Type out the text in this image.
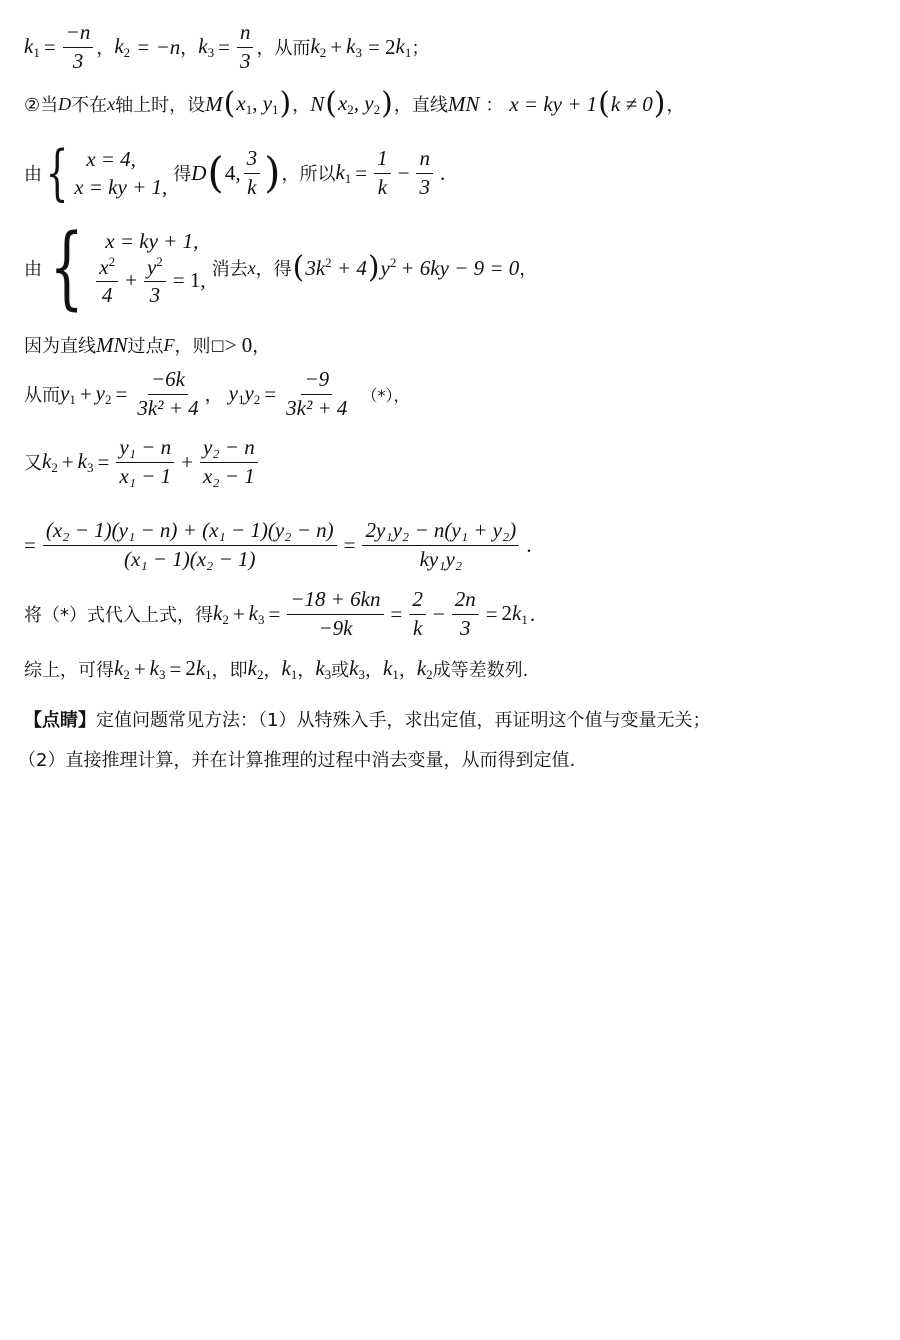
$k_1 = \frac{-n}{3}$ ， $k_2 = -n$ ， $k_3 = \frac{n}{3}$ ，从而 $k_2 + k_3 = 2$ $k_1$ ；
②当 D 不在 x 轴上时，设 M ( $x_1$, $y_1$ ) ， N ( $x_2$, $y_2$ ) ，直线 MN ： x = ky + 1 ( k ≠ 0 ) ，
由 { x = 4,
x = ky + 1,
得 D ( 4, $\frac{3}{k}$ ) ，所以 $k_1 = \frac{1}{k} - \frac{n}{3}$ .
由 {	x = ky + 1,
$\frac{x^2}{4} + \frac{y^2}{3} = 1$, 消去 x ，得 ( $3k^2 + 4$ ) $y^2 + 6ky - 9 = 0$ ，
因为直线 MN 过点 F ，则 □ > 0 ，
从而 $y_1 + y_2 = \frac{-6k}{\text{3k² + 4}}$ ， $y_1y_2 = \frac{-9}{\text{3k² + 4}}$ （*），
又 $k_2 + k_3 = \frac{\text{y₁ − n}}{\text{x₁ − 1}} + \frac{\text{y₂ − n}}{\text{x₂ − 1}}$
= $\frac{\text{(x₂ − 1)(y₁ − n) + (x₁ − 1)(y₂ − n)}}{\text{(x₁ − 1)(x₂ − 1)}} = \frac{\text{2y₁y₂ − n(y₁ + y₂)}}{\text{ky₁y₂}}$ .
将（*）式代入上式，得 $k_2 + k_3 = \frac{-18 + 6kn}{-9k} = \frac{2}{k} - \frac{2n}{3} = 2k_1$ .
综上，可得 $k_2 + k_3 = 2k_1$ ，即 $k_2$ ， $k_1$ ， $k_3$ 或 $k_3$ ， $k_1$ ， $k_2$ 成等差数列.
【点睛】 定值问题常见方法：（1）从特殊入手，求出定值，再证明这个值与变量无关；
（2）直接推理计算，并在计算推理的过程中消去变量，从而得到定值.
